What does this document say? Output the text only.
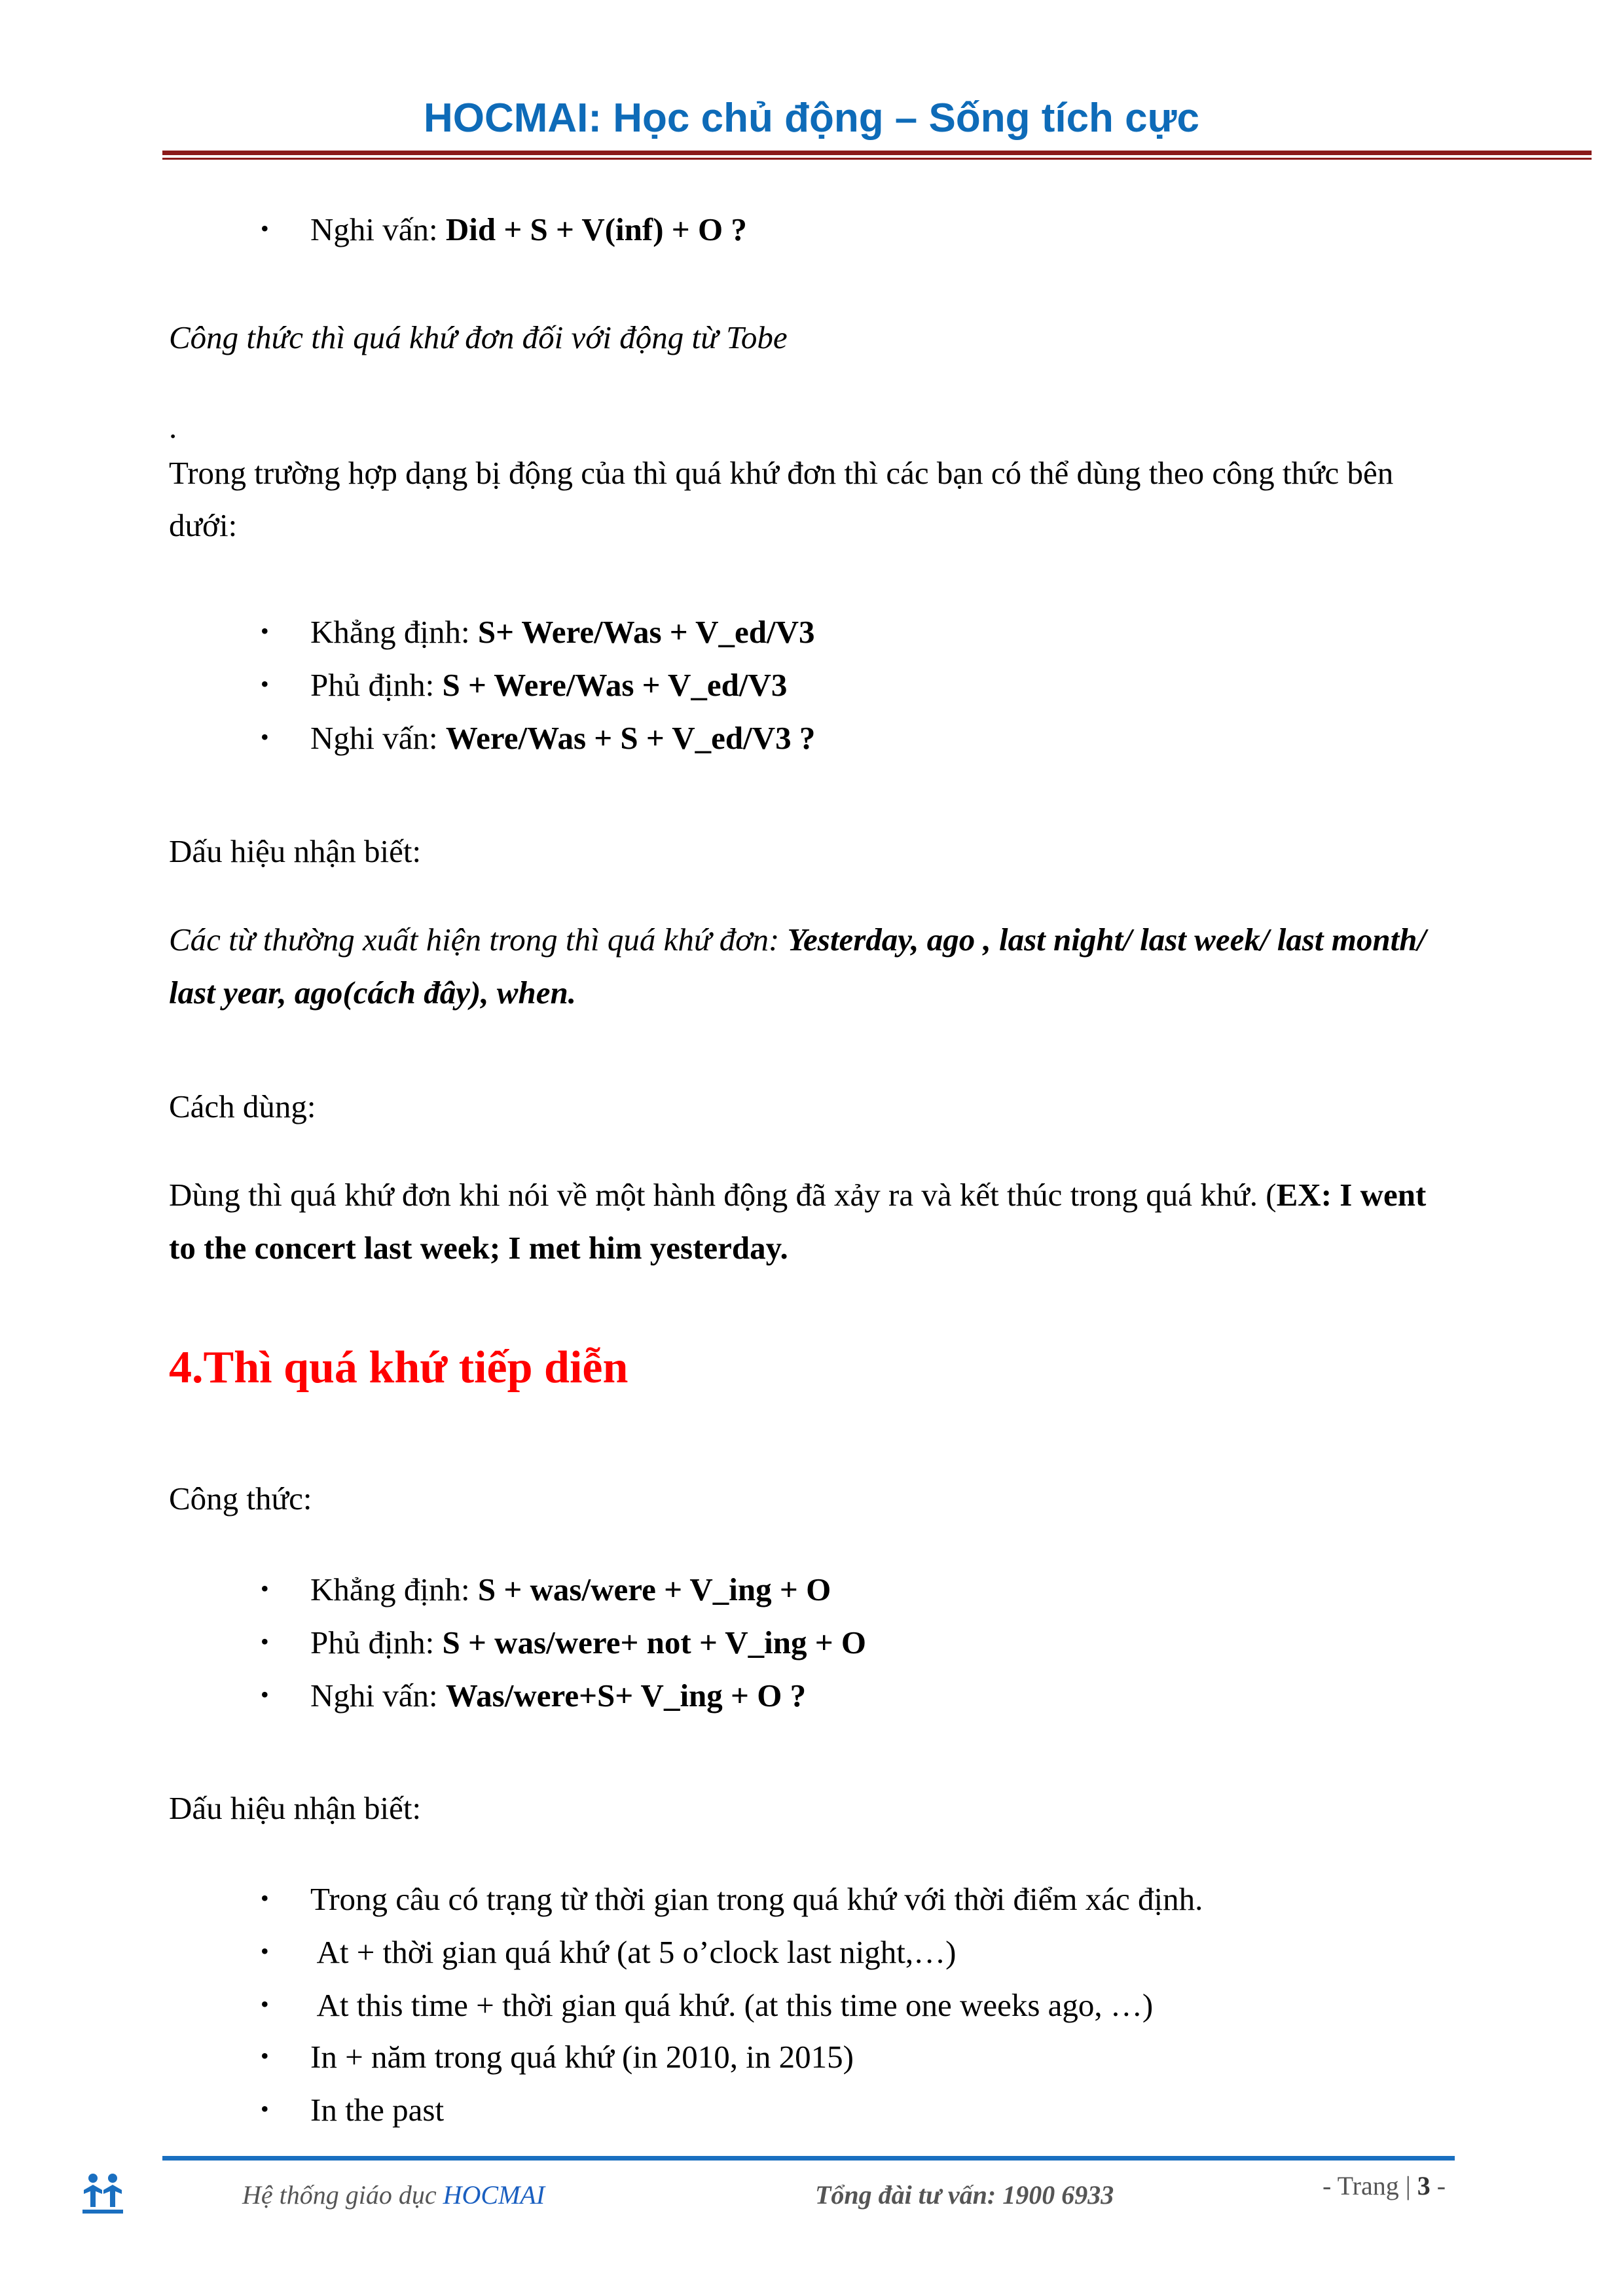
HOCMAI: Học chủ động – Sống tích cực
• Nghi vấn: Did + S + V(inf) + O ?
Công thức thì quá khứ đơn đối với động từ Tobe
.
Trong trường hợp dạng bị động của thì quá khứ đơn thì các bạn có thể dùng theo công thức bên
dưới:
• Khẳng định: S+ Were/Was + V_ed/V3
• Phủ định: S + Were/Was + V_ed/V3
• Nghi vấn: Were/Was + S + V_ed/V3 ?
Dấu hiệu nhận biết:
Các từ thường xuất hiện trong thì quá khứ đơn: Yesterday, ago , last night/ last week/ last month/
last year, ago(cách đây), when.
Cách dùng:
Dùng thì quá khứ đơn khi nói về một hành động đã xảy ra và kết thúc trong quá khứ. (EX: I went
to the concert last week; I met him yesterday.
4.Thì quá khứ tiếp diễn
Công thức:
• Khẳng định: S + was/were + V_ing + O
• Phủ định: S + was/were+ not + V_ing + O
• Nghi vấn: Was/were+S+ V_ing + O ?
Dấu hiệu nhận biết:
• Trong câu có trạng từ thời gian trong quá khứ với thời điểm xác định.
• At + thời gian quá khứ (at 5 o’clock last night,…)
• At this time + thời gian quá khứ. (at this time one weeks ago, …)
• In + năm trong quá khứ (in 2010, in 2015)
• In the past
Hệ thống giáo dục HOCMAI	Tổng đài tư vấn: 1900 6933	- Trang | 3 -
